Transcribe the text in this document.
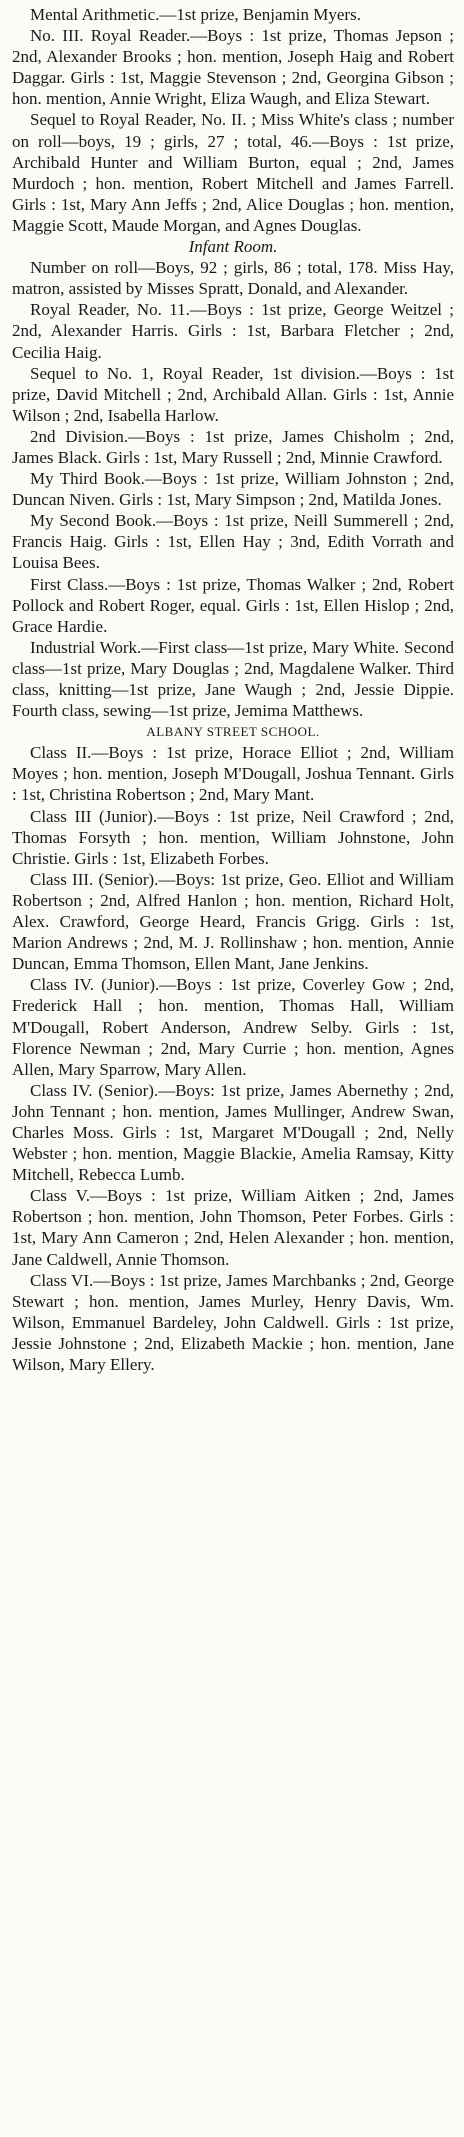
Mental Arithmetic.—1st prize, Benjamin Myers.

No. III. Royal Reader.—Boys : 1st prize, Thomas Jepson ; 2nd, Alexander Brooks ; hon. mention, Joseph Haig and Robert Daggar. Girls : 1st, Maggie Stevenson ; 2nd, Georgina Gibson ; hon. mention, Annie Wright, Eliza Waugh, and Eliza Stewart.

Sequel to Royal Reader, No. II. ; Miss White's class ; number on roll—boys, 19 ; girls, 27 ; total, 46.—Boys : 1st prize, Archibald Hunter and William Burton, equal ; 2nd, James Murdoch ; hon. mention, Robert Mitchell and James Farrell. Girls : 1st, Mary Ann Jeffs ; 2nd, Alice Douglas ; hon. mention, Maggie Scott, Maude Morgan, and Agnes Douglas.

Infant Room.

Number on roll—Boys, 92 ; girls, 86 ; total, 178. Miss Hay, matron, assisted by Misses Spratt, Donald, and Alexander.

Royal Reader, No. 11.—Boys : 1st prize, George Weitzel ; 2nd, Alexander Harris. Girls : 1st, Barbara Fletcher ; 2nd, Cecilia Haig.

Sequel to No. 1, Royal Reader, 1st division.—Boys : 1st prize, David Mitchell ; 2nd, Archibald Allan. Girls : 1st, Annie Wilson ; 2nd, Isabella Harlow.

2nd Division.—Boys : 1st prize, James Chisholm ; 2nd, James Black. Girls : 1st, Mary Russell ; 2nd, Minnie Crawford.

My Third Book.—Boys : 1st prize, William Johnston ; 2nd, Duncan Niven. Girls : 1st, Mary Simpson ; 2nd, Matilda Jones.

My Second Book.—Boys : 1st prize, Neill Summerell ; 2nd, Francis Haig. Girls : 1st, Ellen Hay ; 3nd, Edith Vorrath and Louisa Bees.

First Class.—Boys : 1st prize, Thomas Walker ; 2nd, Robert Pollock and Robert Roger, equal. Girls : 1st, Ellen Hislop ; 2nd, Grace Hardie.

Industrial Work.—First class—1st prize, Mary White. Second class—1st prize, Mary Douglas ; 2nd, Magdalene Walker. Third class, knitting—1st prize, Jane Waugh ; 2nd, Jessie Dippie. Fourth class, sewing—1st prize, Jemima Matthews.

ALBANY STREET SCHOOL.

Class II.—Boys : 1st prize, Horace Elliot ; 2nd, William Moyes ; hon. mention, Joseph M'Dougall, Joshua Tennant. Girls : 1st, Christina Robertson ; 2nd, Mary Mant.

Class III (Junior).—Boys : 1st prize, Neil Crawford ; 2nd, Thomas Forsyth ; hon. mention, William Johnstone, John Christie. Girls : 1st, Elizabeth Forbes.

Class III. (Senior).—Boys: 1st prize, Geo. Elliot and William Robertson ; 2nd, Alfred Hanlon ; hon. mention, Richard Holt, Alex. Crawford, George Heard, Francis Grigg. Girls : 1st, Marion Andrews ; 2nd, M. J. Rollinshaw ; hon. mention, Annie Duncan, Emma Thomson, Ellen Mant, Jane Jenkins.

Class IV. (Junior).—Boys : 1st prize, Coverley Gow ; 2nd, Frederick Hall ; hon. mention, Thomas Hall, William M'Dougall, Robert Anderson, Andrew Selby. Girls : 1st, Florence Newman ; 2nd, Mary Currie ; hon. mention, Agnes Allen, Mary Sparrow, Mary Allen.

Class IV. (Senior).—Boys: 1st prize, James Abernethy ; 2nd, John Tennant ; hon. mention, James Mullinger, Andrew Swan, Charles Moss. Girls : 1st, Margaret M'Dougall ; 2nd, Nelly Webster ; hon. mention, Maggie Blackie, Amelia Ramsay, Kitty Mitchell, Rebecca Lumb.

Class V.—Boys : 1st prize, William Aitken ; 2nd, James Robertson ; hon. mention, John Thomson, Peter Forbes. Girls : 1st, Mary Ann Cameron ; 2nd, Helen Alexander ; hon. mention, Jane Caldwell, Annie Thomson.

Class VI.—Boys : 1st prize, James Marchbanks ; 2nd, George Stewart ; hon. mention, James Murley, Henry Davis, Wm. Wilson, Emmanuel Bardeley, John Caldwell. Girls : 1st prize, Jessie Johnstone ; 2nd, Elizabeth Mackie ; hon. mention, Jane Wilson, Mary Ellery.
